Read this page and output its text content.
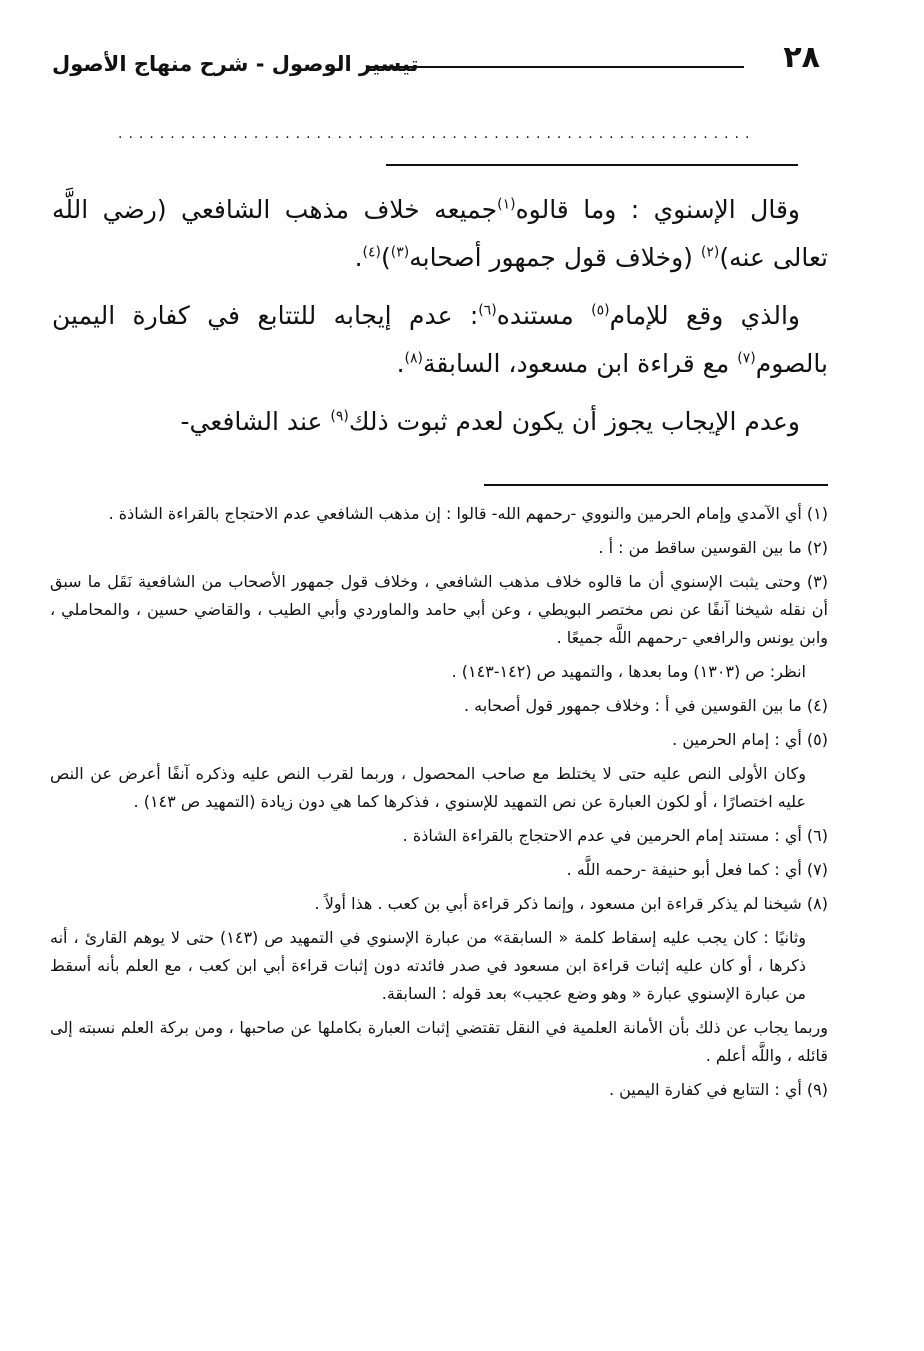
٢٨
تيسير الوصول - شرح منهاج الأصول
.............................................................

وقال الإسنوي : وما قالوه$^{(١)}$جميعه خلاف مذهب الشافعي (رضي اللَّه تعالى عنه)$^{(٢)}$ (وخلاف قول جمهور أصحابه$^{(٣)}$)$^{(٤)}$.

والذي وقع للإمام$^{(٥)}$ مستنده$^{(٦)}$: عدم إيجابه للتتابع في كفارة اليمين بالصوم$^{(٧)}$ مع قراءة ابن مسعود، السابقة$^{(٨)}$.

وعدم الإيجاب يجوز أن يكون لعدم ثبوت ذلك$^{(٩)}$ عند الشافعي-

(١) أي الآمدي وإمام الحرمين والنووي -رحمهم الله- قالوا : إن مذهب الشافعي عدم الاحتجاج بالقراءة الشاذة .
(٢) ما بين القوسين ساقط من : أ .
(٣) وحتى يثبت الإسنوي أن ما قالوه خلاف مذهب الشافعي ، وخلاف قول جمهور الأصحاب من الشافعية نَقَل ما سبق أن نقله شيخنا آنفًا عن نص مختصر البويطي ، وعن أبي حامد والماوردي وأبي الطيب ، والقاضي حسين ، والمحاملي ، وابن يونس والرافعي -رحمهم اللَّه جميعًا .
انظر: ص (١٣٠٣) وما بعدها ، والتمهيد ص (١٤٢-١٤٣) .
(٤) ما بين القوسين في أ : وخلاف جمهور قول أصحابه .
(٥) أي : إمام الحرمين .
وكان الأولى النص عليه حتى لا يختلط مع صاحب المحصول ، وربما لقرب النص عليه وذكره آنفًا أعرض عن النص عليه اختصارًا ، أو لكون العبارة عن نص التمهيد للإسنوي ، فذكرها كما هي دون زيادة (التمهيد ص ١٤٣) .
(٦) أي : مستند إمام الحرمين في عدم الاحتجاج بالقراءة الشاذة .
(٧) أي : كما فعل أبو حنيفة -رحمه اللَّه .
(٨) شيخنا لم يذكر قراءة ابن مسعود ، وإنما ذكر قراءة أبي بن كعب . هذا أولاً .
وثانيًا : كان يجب عليه إسقاط كلمة « السابقة» من عبارة الإسنوي في التمهيد ص (١٤٣) حتى لا يوهم القارئ ، أنه ذكرها ، أو كان عليه إثبات قراءة ابن مسعود في صدر فائدته دون إثبات قراءة أبي ابن كعب ، مع العلم بأنه أسقط من عبارة الإسنوي عبارة « وهو وضع عجيب» بعد قوله : السابقة.
وربما يجاب عن ذلك بأن الأمانة العلمية في النقل تقتضي إثبات العبارة بكاملها عن صاحبها ، ومن بركة العلم نسبته إلى قائله ، واللَّه أعلم .
(٩) أي : التتابع في كفارة اليمين .
